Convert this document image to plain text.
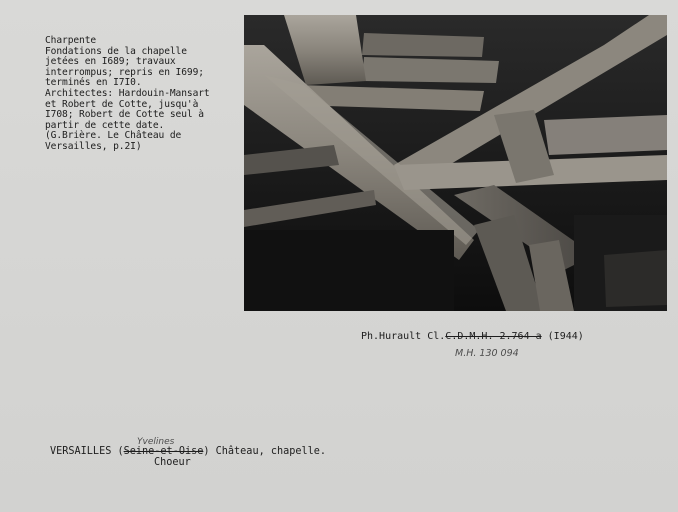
Charpente
Fondations de la chapelle
jetées en I689; travaux
interrompus; repris en I699;
terminés en I7I0.
Architectes: Hardouin-Mansart
et Robert de Cotte, jusqu'à
I708; Robert de Cotte seul à
partir de cette date.
(G.Brière. Le Château de
Versailles, p.2I)
Ph.Hurault Cl.C.D.M.H. 2.764 a (I944)
M.H. 130 094
Yvelines
VERSAILLES (Seine-et-Oise) Château, chapelle.
Choeur
